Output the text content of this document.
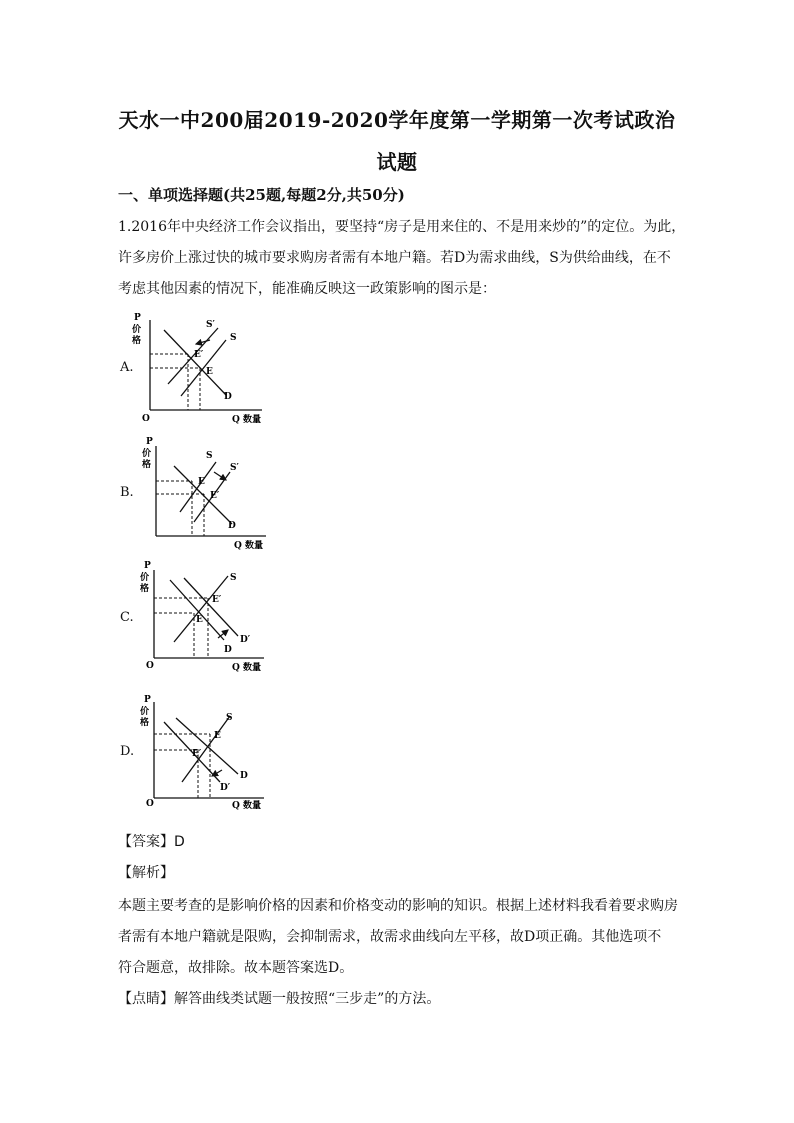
天水一中200届2019-2020学年度第一学期第一次考试政治
试题
一、单项选择题(共25题,每题2分,共50分)
1.2016年中央经济工作会议指出，要坚持“房子是用来住的、不是用来炒的”的定位。为此，
许多房价上涨过快的城市要求购房者需有本地户籍。若D为需求曲线，S为供给曲线，在不
考虑其他因素的情况下，能准确反映这一政策影响的图示是：
A.
P
价
格
O	Q 数量
S′
S
D
E′
E
B.
P
价
格
Q 数量
S
S′
D
E
E′
C.
P
价
格
O	Q 数量
S
D′
D
E′
E
D.
P
价
格
O	Q 数量
S
D
D′
E
E′
【答案】D
【解析】
本题主要考查的是影响价格的因素和价格变动的影响的知识。根据上述材料我看着要求购房
者需有本地户籍就是限购，会抑制需求，故需求曲线向左平移，故D项正确。其他选项不
符合题意，故排除。故本题答案选D。
【点睛】解答曲线类试题一般按照“三步走”的方法。
